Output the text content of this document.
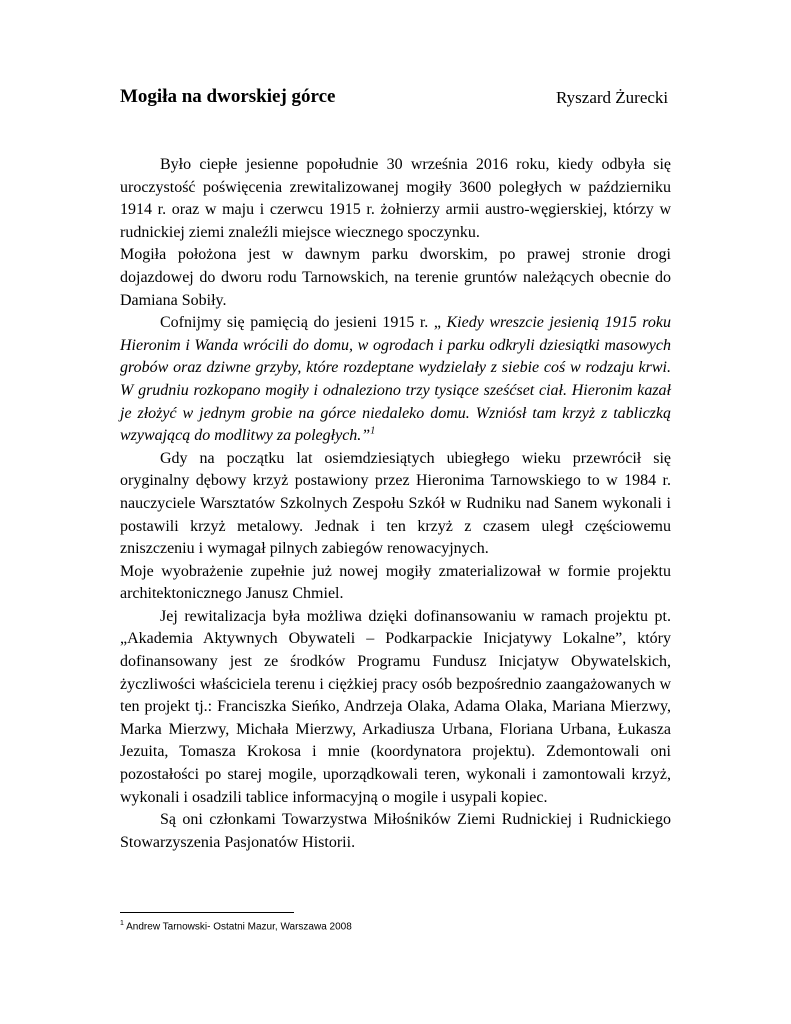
Mogiła na dworskiej górce	Ryszard Żurecki

Było ciepłe jesienne popołudnie 30 września 2016 roku, kiedy odbyła się uroczystość poświęcenia zrewitalizowanej mogiły 3600 poległych w październiku 1914 r. oraz w maju i czerwcu 1915 r. żołnierzy armii austro-węgierskiej, którzy w rudnickiej ziemi znaleźli miejsce wiecznego spoczynku.

Mogiła położona jest w dawnym parku dworskim, po prawej stronie drogi dojazdowej do dworu rodu Tarnowskich, na terenie gruntów należących obecnie do Damiana Sobiły.

Cofnijmy się pamięcią do jesieni 1915 r. „ Kiedy wreszcie jesienią 1915 roku Hieronim i Wanda wrócili do domu, w ogrodach i parku odkryli dziesiątki masowych grobów oraz dziwne grzyby, które rozdeptane wydzielały z siebie coś w rodzaju krwi. W grudniu rozkopano mogiły i odnaleziono trzy tysiące sześćset ciał. Hieronim kazał je złożyć w jednym grobie na górce niedaleko domu. Wzniósł tam krzyż z tabliczką wzywającą do modlitwy za poległych.”$^1$

Gdy na początku lat osiemdziesiątych ubiegłego wieku przewrócił się oryginalny dębowy krzyż postawiony przez Hieronima Tarnowskiego to w 1984 r. nauczyciele Warsztatów Szkolnych Zespołu Szkół w Rudniku nad Sanem wykonali i postawili krzyż metalowy. Jednak i ten krzyż z czasem uległ częściowemu zniszczeniu i wymagał pilnych zabiegów renowacyjnych.

Moje wyobrażenie zupełnie już nowej mogiły zmaterializował w formie projektu architektonicznego Janusz Chmiel.

Jej rewitalizacja była możliwa dzięki dofinansowaniu w ramach projektu pt. „Akademia Aktywnych Obywateli – Podkarpackie Inicjatywy Lokalne”, który dofinansowany jest ze środków Programu Fundusz Inicjatyw Obywatelskich, życzliwości właściciela terenu i ciężkiej pracy osób bezpośrednio zaangażowanych w ten projekt tj.: Franciszka Sieńko, Andrzeja Olaka, Adama Olaka, Mariana Mierzwy, Marka Mierzwy, Michała Mierzwy, Arkadiusza Urbana, Floriana Urbana, Łukasza Jezuita, Tomasza Krokosa i mnie (koordynatora projektu). Zdemontowali oni pozostałości po starej mogile, uporządkowali teren, wykonali i zamontowali krzyż, wykonali i osadzili tablice informacyjną o mogile i usypali kopiec.

Są oni członkami Towarzystwa Miłośników Ziemi Rudnickiej i Rudnickiego Stowarzyszenia Pasjonatów Historii.

$^1$ Andrew Tarnowski- Ostatni Mazur, Warszawa 2008
